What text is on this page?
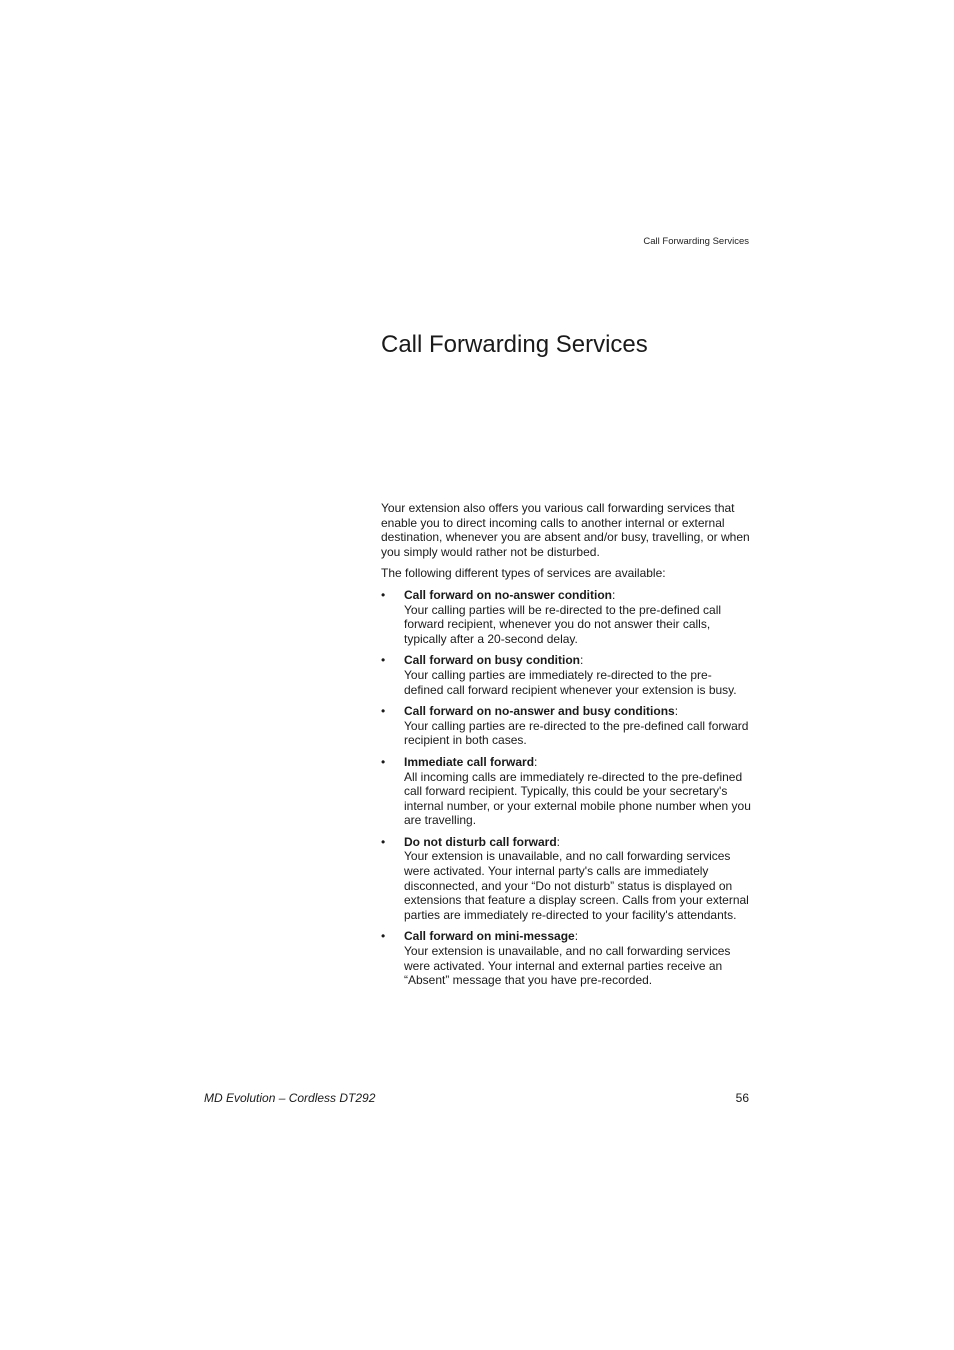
Call Forwarding Services
Call Forwarding Services

Your extension also offers you various call forwarding services that enable you to direct incoming calls to another internal or external destination, whenever you are absent and/or busy, travelling, or when you simply would rather not be disturbed.

The following different types of services are available:

• Call forward on no-answer condition:
Your calling parties will be re-directed to the pre-defined call forward recipient, whenever you do not answer their calls, typically after a 20-second delay.
• Call forward on busy condition:
Your calling parties are immediately re-directed to the pre-defined call forward recipient whenever your extension is busy.
• Call forward on no-answer and busy conditions:
Your calling parties are re-directed to the pre-defined call forward recipient in both cases.
• Immediate call forward:
All incoming calls are immediately re-directed to the pre-defined call forward recipient. Typically, this could be your secretary's internal number, or your external mobile phone number when you are travelling.
• Do not disturb call forward:
Your extension is unavailable, and no call forwarding services were activated. Your internal party's calls are immediately disconnected, and your “Do not disturb” status is displayed on extensions that feature a display screen. Calls from your external parties are immediately re-directed to your facility's attendants.
• Call forward on mini-message:
Your extension is unavailable, and no call forwarding services were activated. Your internal and external parties receive an “Absent” message that you have pre-recorded.
MD Evolution – Cordless DT292	56
